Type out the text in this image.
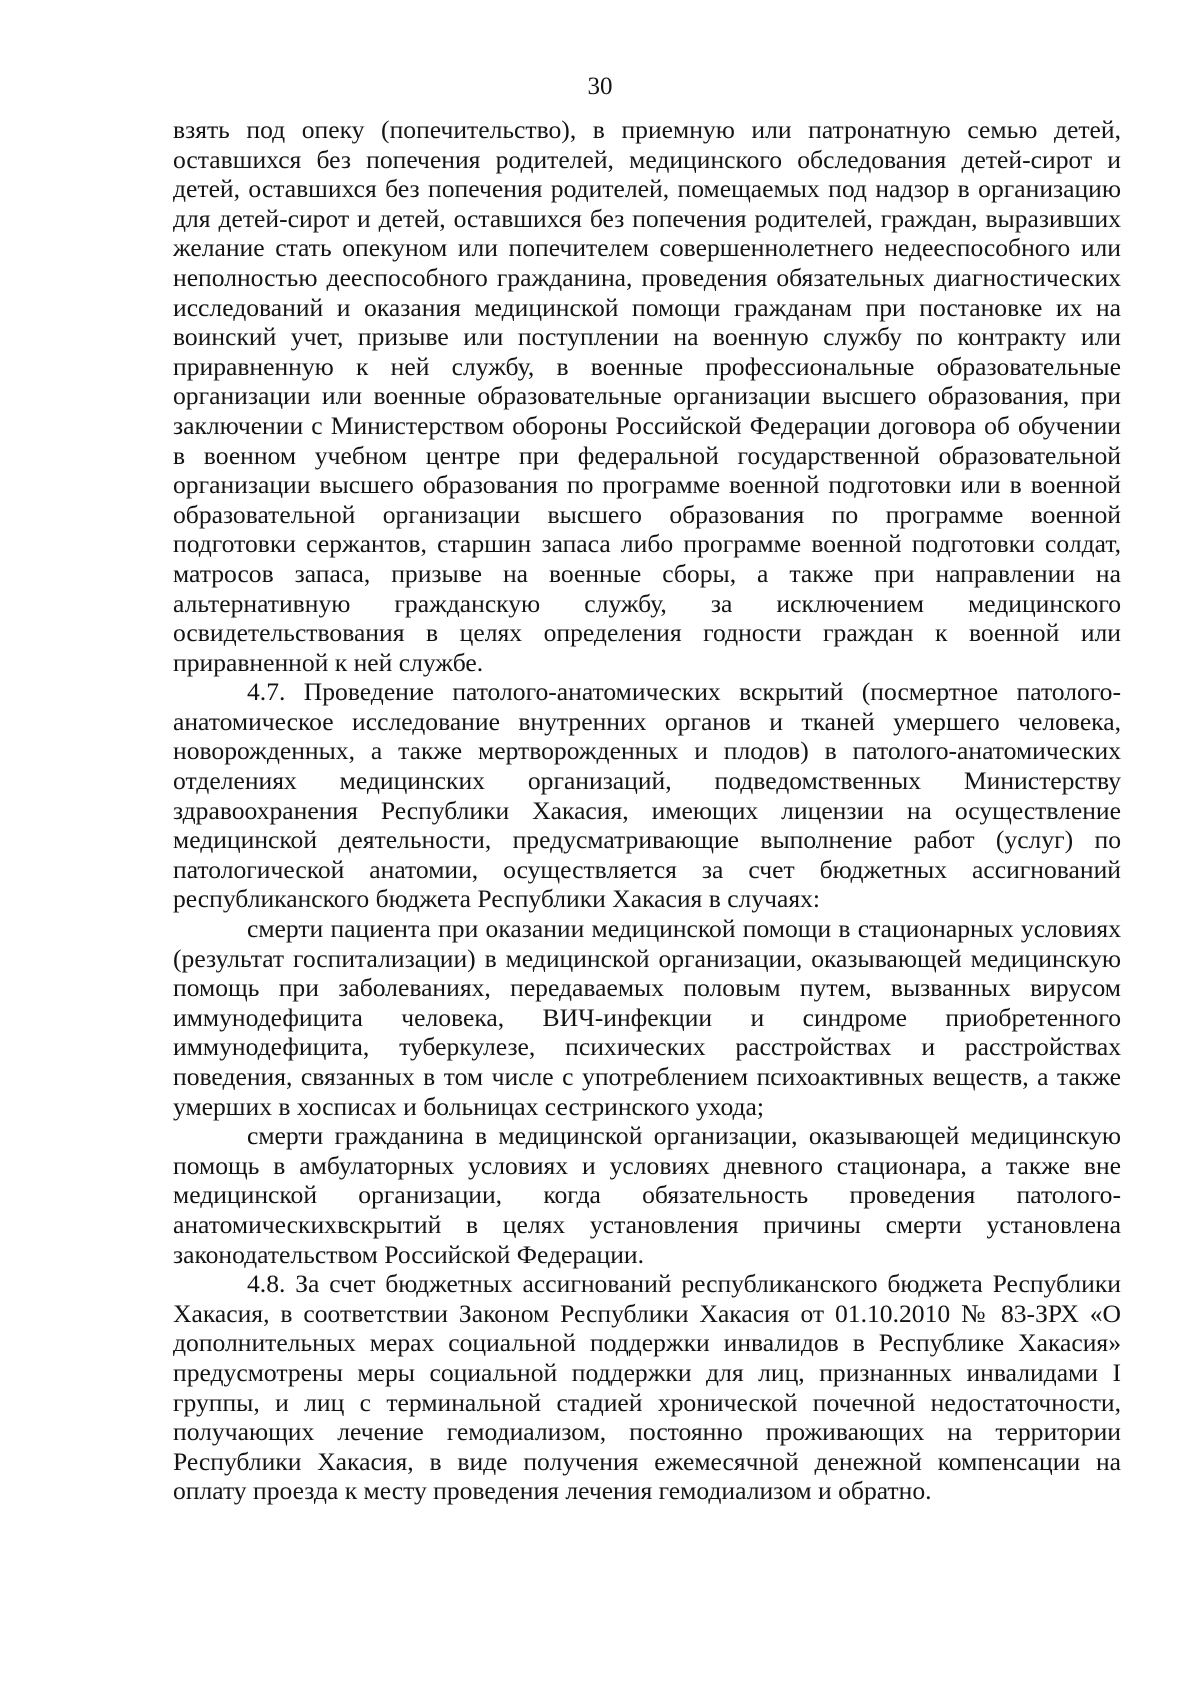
30

взять под опеку (попечительство), в приемную или патронатную семью детей, оставшихся без попечения родителей, медицинского обследования детей-сирот и детей, оставшихся без попечения родителей, помещаемых под надзор в организацию для детей-сирот и детей, оставшихся без попечения родителей, граждан, выразивших желание стать опекуном или попечителем совершеннолетнего недееспособного или неполностью дееспособного гражданина, проведения обязательных диагностических исследований и оказания медицинской помощи гражданам при постановке их на воинский учет, призыве или поступлении на военную службу по контракту или приравненную к ней службу, в военные профессиональные образовательные организации или военные образовательные организации высшего образования, при заключении с Министерством обороны Российской Федерации договора об обучении в военном учебном центре при федеральной государственной образовательной организации высшего образования по программе военной подготовки или в военной образовательной организации высшего образования по программе военной подготовки сержантов, старшин запаса либо программе военной подготовки солдат, матросов запаса, призыве на военные сборы, а также при направлении на альтернативную гражданскую службу, за исключением медицинского освидетельствования в целях определения годности граждан к военной или приравненной к ней службе.

4.7. Проведение патолого-анатомических вскрытий (посмертное патолого-анатомическое исследование внутренних органов и тканей умершего человека, новорожденных, а также мертворожденных и плодов) в патолого-анатомических отделениях медицинских организаций, подведомственных Министерству здравоохранения Республики Хакасия, имеющих лицензии на осуществление медицинской деятельности, предусматривающие выполнение работ (услуг) по патологической анатомии, осуществляется за счет бюджетных ассигнований республиканского бюджета Республики Хакасия в случаях:

смерти пациента при оказании медицинской помощи в стационарных условиях (результат госпитализации) в медицинской организации, оказывающей медицинскую помощь при заболеваниях, передаваемых половым путем, вызванных вирусом иммунодефицита человека, ВИЧ-инфекции и синдроме приобретенного иммунодефицита, туберкулезе, психических расстройствах и расстройствах поведения, связанных в том числе с употреблением психоактивных веществ, а также умерших в хосписах и больницах сестринского ухода;

смерти гражданина в медицинской организации, оказывающей медицинскую помощь в амбулаторных условиях и условиях дневного стационара, а также вне медицинской организации, когда обязательность проведения патолого-анатомическихвскрытий в целях установления причины смерти установлена законодательством Российской Федерации.

4.8. За счет бюджетных ассигнований республиканского бюджета Республики Хакасия, в соответствии Законом Республики Хакасия от 01.10.2010 № 83-ЗРХ «О дополнительных мерах социальной поддержки инвалидов в Республике Хакасия» предусмотрены меры социальной поддержки для лиц, признанных инвалидами I группы, и лиц с терминальной стадией хронической почечной недостаточности, получающих лечение гемодиализом, постоянно проживающих на территории Республики Хакасия, в виде получения ежемесячной денежной компенсации на оплату проезда к месту проведения лечения гемодиализом и обратно.
